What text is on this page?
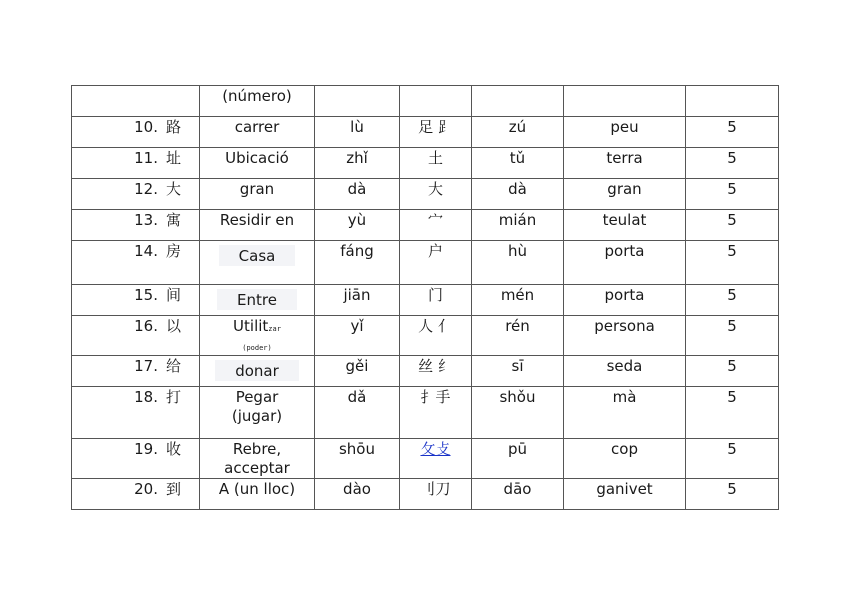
	(número)					
10. 路	carrer	lù	足 ⻊	zú	peu	5
11. 址	Ubicació	zhǐ	土	tǔ	terra	5
12. 大	gran	dà	大	dà	gran	5
13. 寓	Residir en	yù	宀	mián	teulat	5
14. 房	Casa	fáng	户	hù	porta	5
15. 间	Entre	jiān	门	mén	porta	5
16. 以	Utilitzar
(poder)	yǐ	人 亻	rén	persona	5
17. 给	donar	gěi	丝 纟	sī	seda	5
18. 打	Pegar
(jugar)	dǎ	扌手	shǒu	mà	5
19. 收	Rebre,
acceptar	shōu	攵攴	pū	cop	5
20. 到	A (un lloc)	dào	刂刀	dāo	ganivet	5
